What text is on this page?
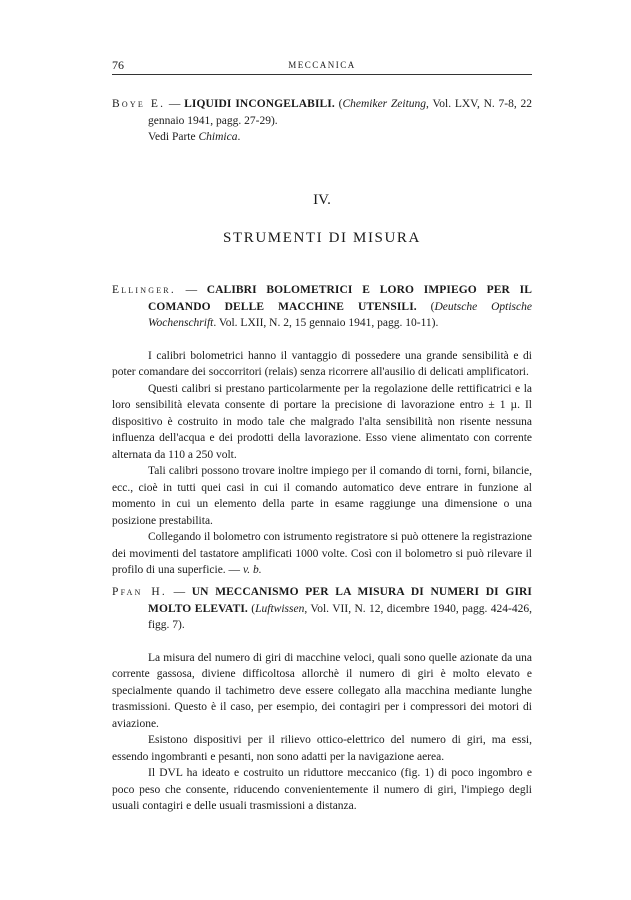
76	MECCANICA

Boye E. — LIQUIDI INCONGELABILI. (Chemiker Zeitung, Vol. LXV, N. 7-8, 22 gennaio 1941, pagg. 27-29).

Vedi Parte Chimica.

IV.
STRUMENTI DI MISURA

Ellinger. — CALIBRI BOLOMETRICI E LORO IMPIEGO PER IL COMANDO DELLE MACCHINE UTENSILI. (Deutsche Optische Wochenschrift. Vol. LXII, N. 2, 15 gennaio 1941, pagg. 10-11).

I calibri bolometrici hanno il vantaggio di possedere una grande sensibilità e di poter comandare dei soccorritori (relais) senza ricorrere all'ausilio di delicati amplificatori.

Questi calibri si prestano particolarmente per la regolazione delle rettificatrici e la loro sensibilità elevata consente di portare la precisione di lavorazione entro ± 1 µ. Il dispositivo è costruito in modo tale che malgrado l'alta sensibilità non risente nessuna influenza dell'acqua e dei prodotti della lavorazione. Esso viene alimentato con corrente alternata da 110 a 250 volt.

Tali calibri possono trovare inoltre impiego per il comando di torni, forni, bilancie, ecc., cioè in tutti quei casi in cui il comando automatico deve entrare in funzione al momento in cui un elemento della parte in esame raggiunge una dimensione o una posizione prestabilita.

Collegando il bolometro con istrumento registratore si può ottenere la registrazione dei movimenti del tastatore amplificati 1000 volte. Così con il bolometro si può rilevare il profilo di una superficie. — v. b.

Pfan H. — UN MECCANISMO PER LA MISURA DI NUMERI DI GIRI MOLTO ELEVATI. (Luftwissen, Vol. VII, N. 12, dicembre 1940, pagg. 424-426, figg. 7).

La misura del numero di giri di macchine veloci, quali sono quelle azionate da una corrente gassosa, diviene difficoltosa allorchè il numero di giri è molto elevato e specialmente quando il tachimetro deve essere collegato alla macchina mediante lunghe trasmissioni. Questo è il caso, per esempio, dei contagiri per i compressori dei motori di aviazione.

Esistono dispositivi per il rilievo ottico-elettrico del numero di giri, ma essi, essendo ingombranti e pesanti, non sono adatti per la navigazione aerea.

Il DVL ha ideato e costruito un riduttore meccanico (fig. 1) di poco ingombro e poco peso che consente, riducendo convenientemente il numero di giri, l'impiego degli usuali contagiri e delle usuali trasmissioni a distanza.
